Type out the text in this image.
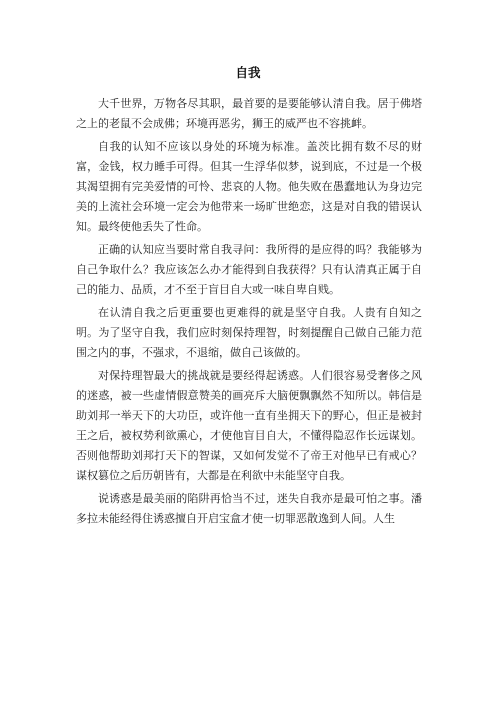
自我

大千世界，万物各尽其职，最首要的是要能够认清自我。居于佛塔之上的老鼠不会成佛；环境再恶劣，狮王的威严也不容挑衅。

自我的认知不应该以身处的环境为标准。盖茨比拥有数不尽的财富，金钱，权力睡手可得。但其一生浮华似梦，说到底，不过是一个极其渴望拥有完美爱情的可怜、悲哀的人物。他失败在愚蠢地认为身边完美的上流社会环境一定会为他带来一场旷世绝恋，这是对自我的错误认知。最终使他丢失了性命。

正确的认知应当要时常自我寻问：我所得的是应得的吗？我能够为自己争取什么？我应该怎么办才能得到自我获得？只有认清真正属于自己的能力、品质，才不至于盲目自大或一味自卑自贱。

在认清自我之后更重要也更难得的就是坚守自我。人贵有自知之明。为了坚守自我，我们应时刻保持理智，时刻提醒自己做自己能力范围之内的事，不强求，不退缩，做自己该做的。

对保持理智最大的挑战就是要经得起诱惑。人们很容易受奢侈之风的迷惑，被一些虚情假意赞美的画亮斥大脑便飘飘然不知所以。韩信是助刘邦一举天下的大功臣，或许他一直有坐拥天下的野心，但正是被封王之后，被权势利欲熏心，才使他盲目自大，不懂得隐忍作长远谋划。否则他帮助刘邦打天下的智谋，又如何发觉不了帝王对他早已有戒心？谋权篡位之后历朝皆有，大都是在利欲中未能坚守自我。

说诱惑是最美丽的陷阱再恰当不过，迷失自我亦是最可怕之事。潘多拉未能经得住诱惑擅自开启宝盒才使一切罪恶散逸到人间。人生
